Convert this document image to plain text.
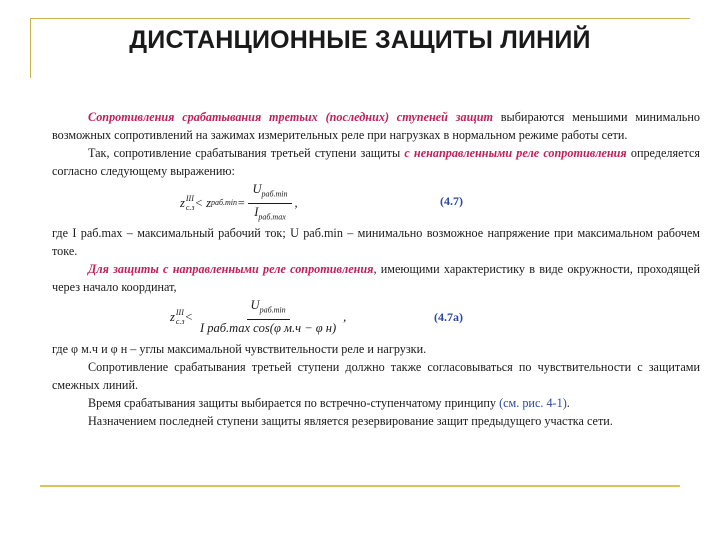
ДИСТАНЦИОННЫЕ ЗАЩИТЫ ЛИНИЙ

Сопротивления срабатывания третьих (последних) ступеней защит выбираются меньшими минимально возможных сопротивлений на зажимах измерительных реле при нагрузках в нормальном режиме работы сети.

Так, сопротивление срабатывания третьей ступени защиты с ненаправленными реле сопротивления определяется согласно следующему выражению:

z III
с.з < z $раб.\min = \frac{U_{раб.min}}{I_{раб.max}}$ ,	(4.7)

где I раб.max – максимальный рабочий ток; U раб.min – минимально возможное напряжение при максимальном рабочем токе.

Для защиты с направленными реле сопротивления, имеющими характеристику в виде окружности, проходящей через начало координат,

z III
$с.з < \frac{U_{раб.min}}{\text{I раб.max cos(φ м.ч − φ н)}}$ ,	(4.7а)

где φ м.ч и φ н – углы максимальной чувствительности реле и нагрузки.

Сопротивление срабатывания третьей ступени должно также согласовываться по чувствительности с защитами смежных линий.

Время срабатывания защиты выбирается по встречно-ступенчатому принципу (см. рис. 4-1).

Назначением последней ступени защиты является резервирование защит предыдущего участка сети.
